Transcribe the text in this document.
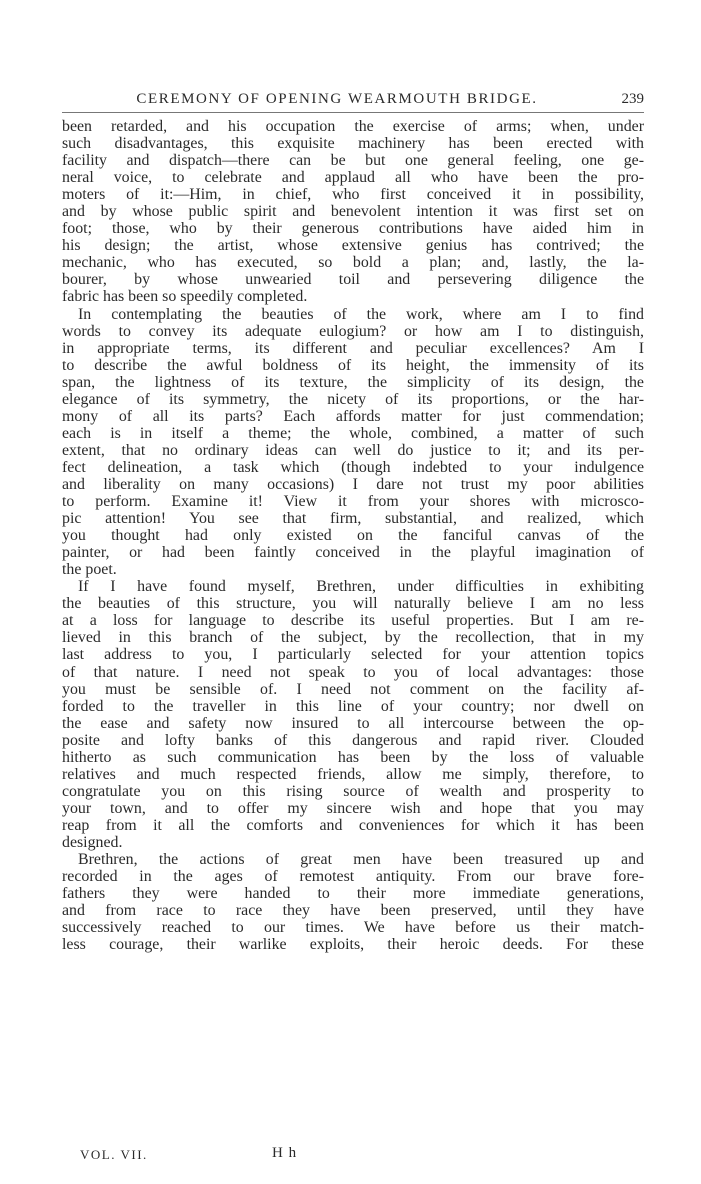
CEREMONY OF OPENING WEARMOUTH BRIDGE.	239
been retarded, and his occupation the exercise of arms; when, under
such disadvantages, this exquisite machinery has been erected with
facility and dispatch—there can be but one general feeling, one ge-
neral voice, to celebrate and applaud all who have been the pro-
moters of it:—Him, in chief, who first conceived it in possibility,
and by whose public spirit and benevolent intention it was first set on
foot; those, who by their generous contributions have aided him in
his design; the artist, whose extensive genius has contrived; the
mechanic, who has executed, so bold a plan; and, lastly, the la-
bourer, by whose unwearied toil and persevering diligence the
fabric has been so speedily completed.
In contemplating the beauties of the work, where am I to find
words to convey its adequate eulogium? or how am I to distinguish,
in appropriate terms, its different and peculiar excellences? Am I
to describe the awful boldness of its height, the immensity of its
span, the lightness of its texture, the simplicity of its design, the
elegance of its symmetry, the nicety of its proportions, or the har-
mony of all its parts? Each affords matter for just commendation;
each is in itself a theme; the whole, combined, a matter of such
extent, that no ordinary ideas can well do justice to it; and its per-
fect delineation, a task which (though indebted to your indulgence
and liberality on many occasions) I dare not trust my poor abilities
to perform. Examine it! View it from your shores with microsco-
pic attention! You see that firm, substantial, and realized, which
you thought had only existed on the fanciful canvas of the
painter, or had been faintly conceived in the playful imagination of
the poet.
If I have found myself, Brethren, under difficulties in exhibiting
the beauties of this structure, you will naturally believe I am no less
at a loss for language to describe its useful properties. But I am re-
lieved in this branch of the subject, by the recollection, that in my
last address to you, I particularly selected for your attention topics
of that nature. I need not speak to you of local advantages: those
you must be sensible of. I need not comment on the facility af-
forded to the traveller in this line of your country; nor dwell on
the ease and safety now insured to all intercourse between the op-
posite and lofty banks of this dangerous and rapid river. Clouded
hitherto as such communication has been by the loss of valuable
relatives and much respected friends, allow me simply, therefore, to
congratulate you on this rising source of wealth and prosperity to
your town, and to offer my sincere wish and hope that you may
reap from it all the comforts and conveniences for which it has been
designed.
Brethren, the actions of great men have been treasured up and
recorded in the ages of remotest antiquity. From our brave fore-
fathers they were handed to their more immediate generations,
and from race to race they have been preserved, until they have
successively reached to our times. We have before us their match-
less courage, their warlike exploits, their heroic deeds. For these
VOL. VII.	H h
